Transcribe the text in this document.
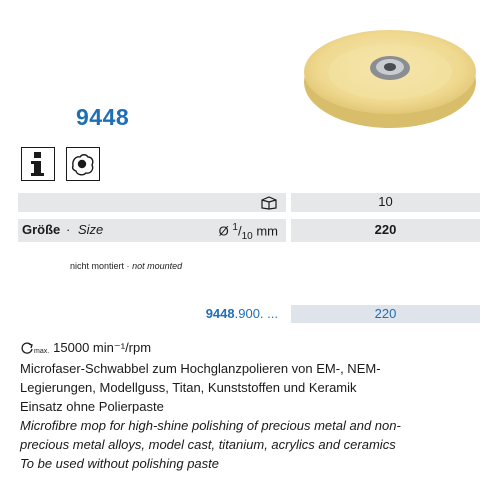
9448
10
Größe · Size	Ø $^1/_{10}$ mm	220
nicht montiert · not mounted
9448.900. ...	220
max. 15000 min⁻¹/rpm
Microfaser-Schwabbel zum Hochglanzpolieren von EM-, NEM-
Legierungen, Modellguss, Titan, Kunststoffen und Keramik
Einsatz ohne Polierpaste
Microfibre mop for high-shine polishing of precious metal and non-
precious metal alloys, model cast, titanium, acrylics and ceramics
To be used without polishing paste
